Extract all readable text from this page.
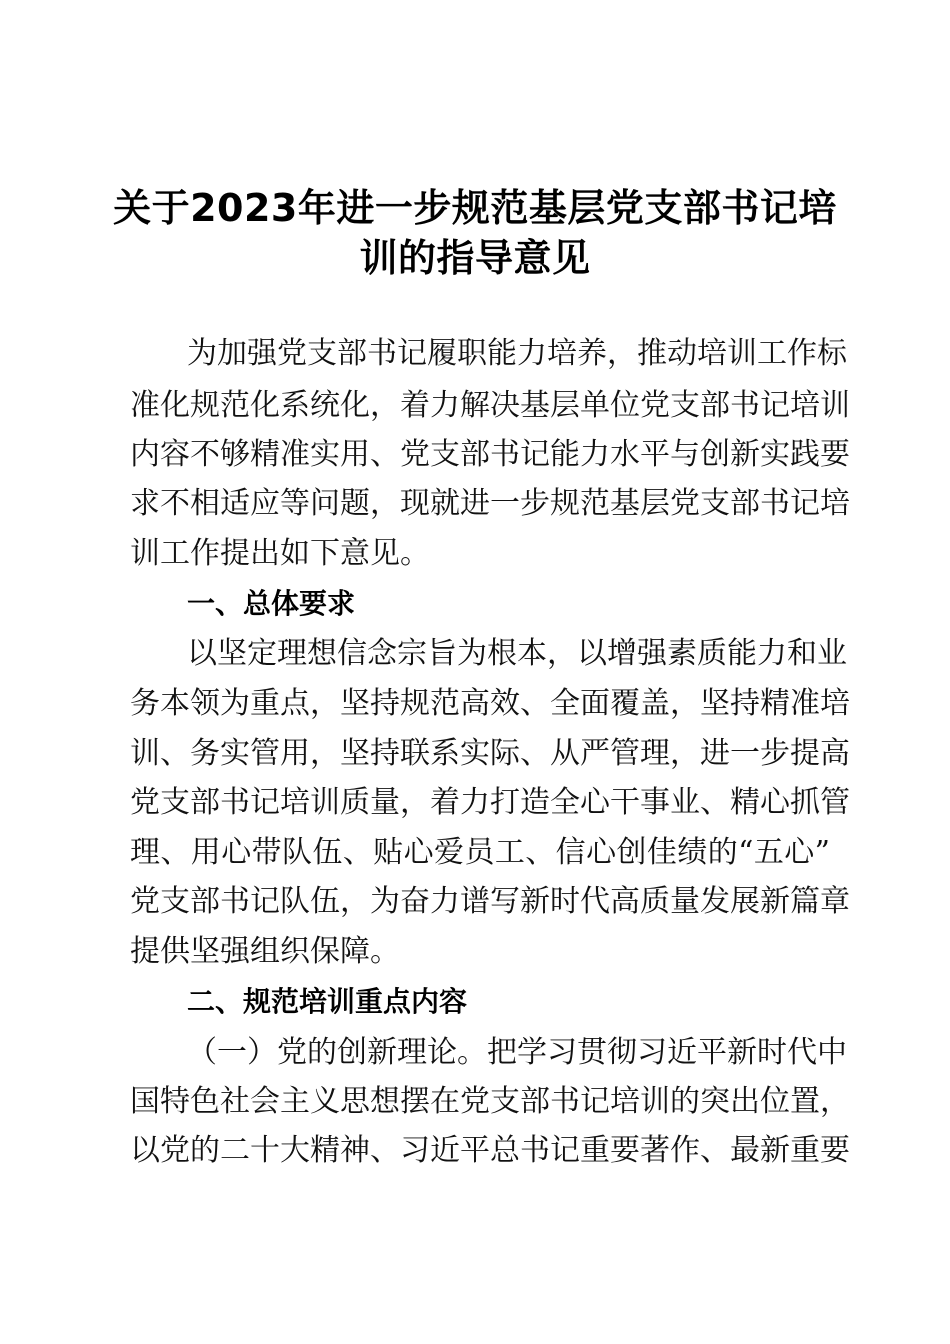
关于2023年进一步规范基层党支部书记培
训的指导意见
为加强党支部书记履职能力培养，推动培训工作标
准化规范化系统化，着力解决基层单位党支部书记培训
内容不够精准实用、党支部书记能力水平与创新实践要
求不相适应等问题，现就进一步规范基层党支部书记培
训工作提出如下意见。
一、总体要求
以坚定理想信念宗旨为根本，以增强素质能力和业
务本领为重点，坚持规范高效、全面覆盖，坚持精准培
训、务实管用，坚持联系实际、从严管理，进一步提高
党支部书记培训质量，着力打造全心干事业、精心抓管
理、用心带队伍、贴心爱员工、信心创佳绩的“五心”
党支部书记队伍，为奋力谱写新时代高质量发展新篇章
提供坚强组织保障。
二、规范培训重点内容
（一）党的创新理论。把学习贯彻习近平新时代中
国特色社会主义思想摆在党支部书记培训的突出位置，
以党的二十大精神、习近平总书记重要著作、最新重要
